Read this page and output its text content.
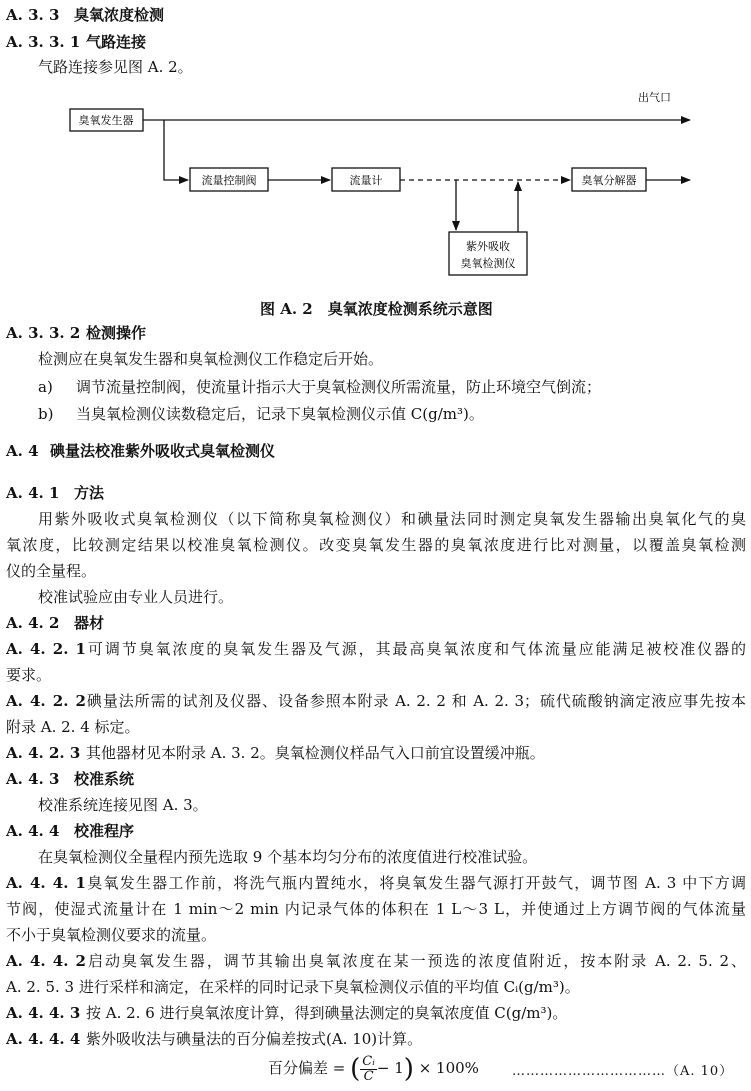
A. 3. 3 臭氧浓度检测
A. 3. 3. 1 气路连接
气路连接参见图 A. 2。
出气口
臭氧发生器
流量控制阀	流量计	臭氧分解器
紫外吸收
臭氧检测仪
图 A. 2　臭氧浓度检测系统示意图
A. 3. 3. 2 检测操作
检测应在臭氧发生器和臭氧检测仪工作稳定后开始。
a) 调节流量控制阀，使流量计指示大于臭氧检测仪所需流量，防止环境空气倒流；
b) 当臭氧检测仪读数稳定后，记录下臭氧检测仪示值 C(g/m³)。
A. 4 碘量法校准紫外吸收式臭氧检测仪
A. 4. 1 方法
用紫外吸收式臭氧检测仪（以下简称臭氧检测仪）和碘量法同时测定臭氧发生器输出臭氧化气的臭
氧浓度，比较测定结果以校准臭氧检测仪。改变臭氧发生器的臭氧浓度进行比对测量，以覆盖臭氧检测
仪的全量程。
校准试验应由专业人员进行。
A. 4. 2 器材
A. 4. 2. 1可调节臭氧浓度的臭氧发生器及气源，其最高臭氧浓度和气体流量应能满足被校准仪器的
要求。
A. 4. 2. 2碘量法所需的试剂及仪器、设备参照本附录 A. 2. 2 和 A. 2. 3；硫代硫酸钠滴定液应事先按本
附录 A. 2. 4 标定。
A. 4. 2. 3 其他器材见本附录 A. 3. 2。臭氧检测仪样品气入口前宜设置缓冲瓶。
A. 4. 3 校准系统
校准系统连接见图 A. 3。
A. 4. 4 校准程序
在臭氧检测仪全量程内预先选取 9 个基本均匀分布的浓度值进行校准试验。
A. 4. 4. 1臭氧发生器工作前，将洗气瓶内置纯水，将臭氧发生器气源打开鼓气，调节图 A. 3 中下方调
节阀，使湿式流量计在 1 min～2 min 内记录气体的体积在 1 L～3 L，并使通过上方调节阀的气体流量
不小于臭氧检测仪要求的流量。
A. 4. 4. 2启动臭氧发生器，调节其输出臭氧浓度在某一预选的浓度值附近，按本附录 A. 2. 5. 2、
A. 2. 5. 3 进行采样和滴定，在采样的同时记录下臭氧检测仪示值的平均值 Cᵢ(g/m³)。
A. 4. 4. 3 按 A. 2. 6 进行臭氧浓度计算，得到碘量法测定的臭氧浓度值 C(g/m³)。
A. 4. 4. 4 紫外吸收法与碘量法的百分偏差按式(A. 10)计算。
百分偏差 = ( $\frac{\text{Cᵢ}}{C} - 1) \times 100\%$	……………………………（A. 10）
